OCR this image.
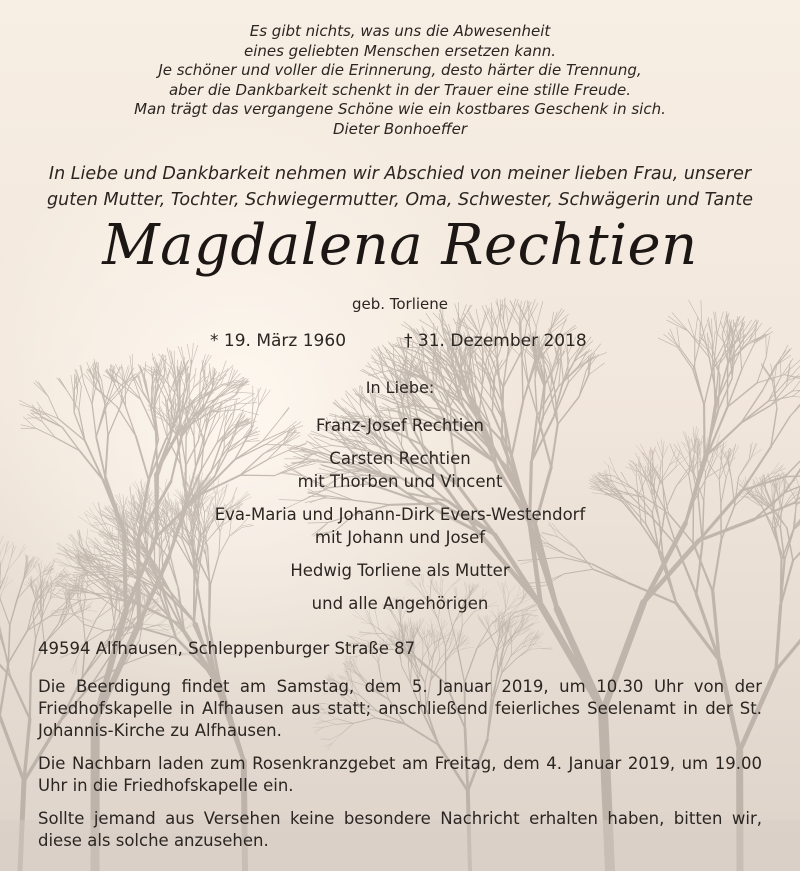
Es gibt nichts, was uns die Abwesenheit
eines geliebten Menschen ersetzen kann.
Je schöner und voller die Erinnerung, desto härter die Trennung,
aber die Dankbarkeit schenkt in der Trauer eine stille Freude.
Man trägt das vergangene Schöne wie ein kostbares Geschenk in sich.
Dieter Bonhoeffer
In Liebe und Dankbarkeit nehmen wir Abschied von meiner lieben Frau, unserer
guten Mutter, Tochter, Schwiegermutter, Oma, Schwester, Schwägerin und Tante
Magdalena Rechtien
geb. Torliene
* 19. März 1960	† 31. Dezember 2018
In Liebe:
Franz-Josef Rechtien
Carsten Rechtien
mit Thorben und Vincent
Eva-Maria und Johann-Dirk Evers-Westendorf
mit Johann und Josef
Hedwig Torliene als Mutter
und alle Angehörigen
49594 Alfhausen, Schleppenburger Straße 87
Die Beerdigung findet am Samstag, dem 5. Januar 2019, um 10.30 Uhr von der Friedhofskapelle in Alfhausen aus statt; anschließend feierliches Seelenamt in der St. Johannis-Kirche zu Alfhausen.
Die Nachbarn laden zum Rosenkranzgebet am Freitag, dem 4. Januar 2019, um 19.00 Uhr in die Friedhofskapelle ein.
Sollte jemand aus Versehen keine besondere Nachricht erhalten haben, bitten wir, diese als solche anzusehen.
